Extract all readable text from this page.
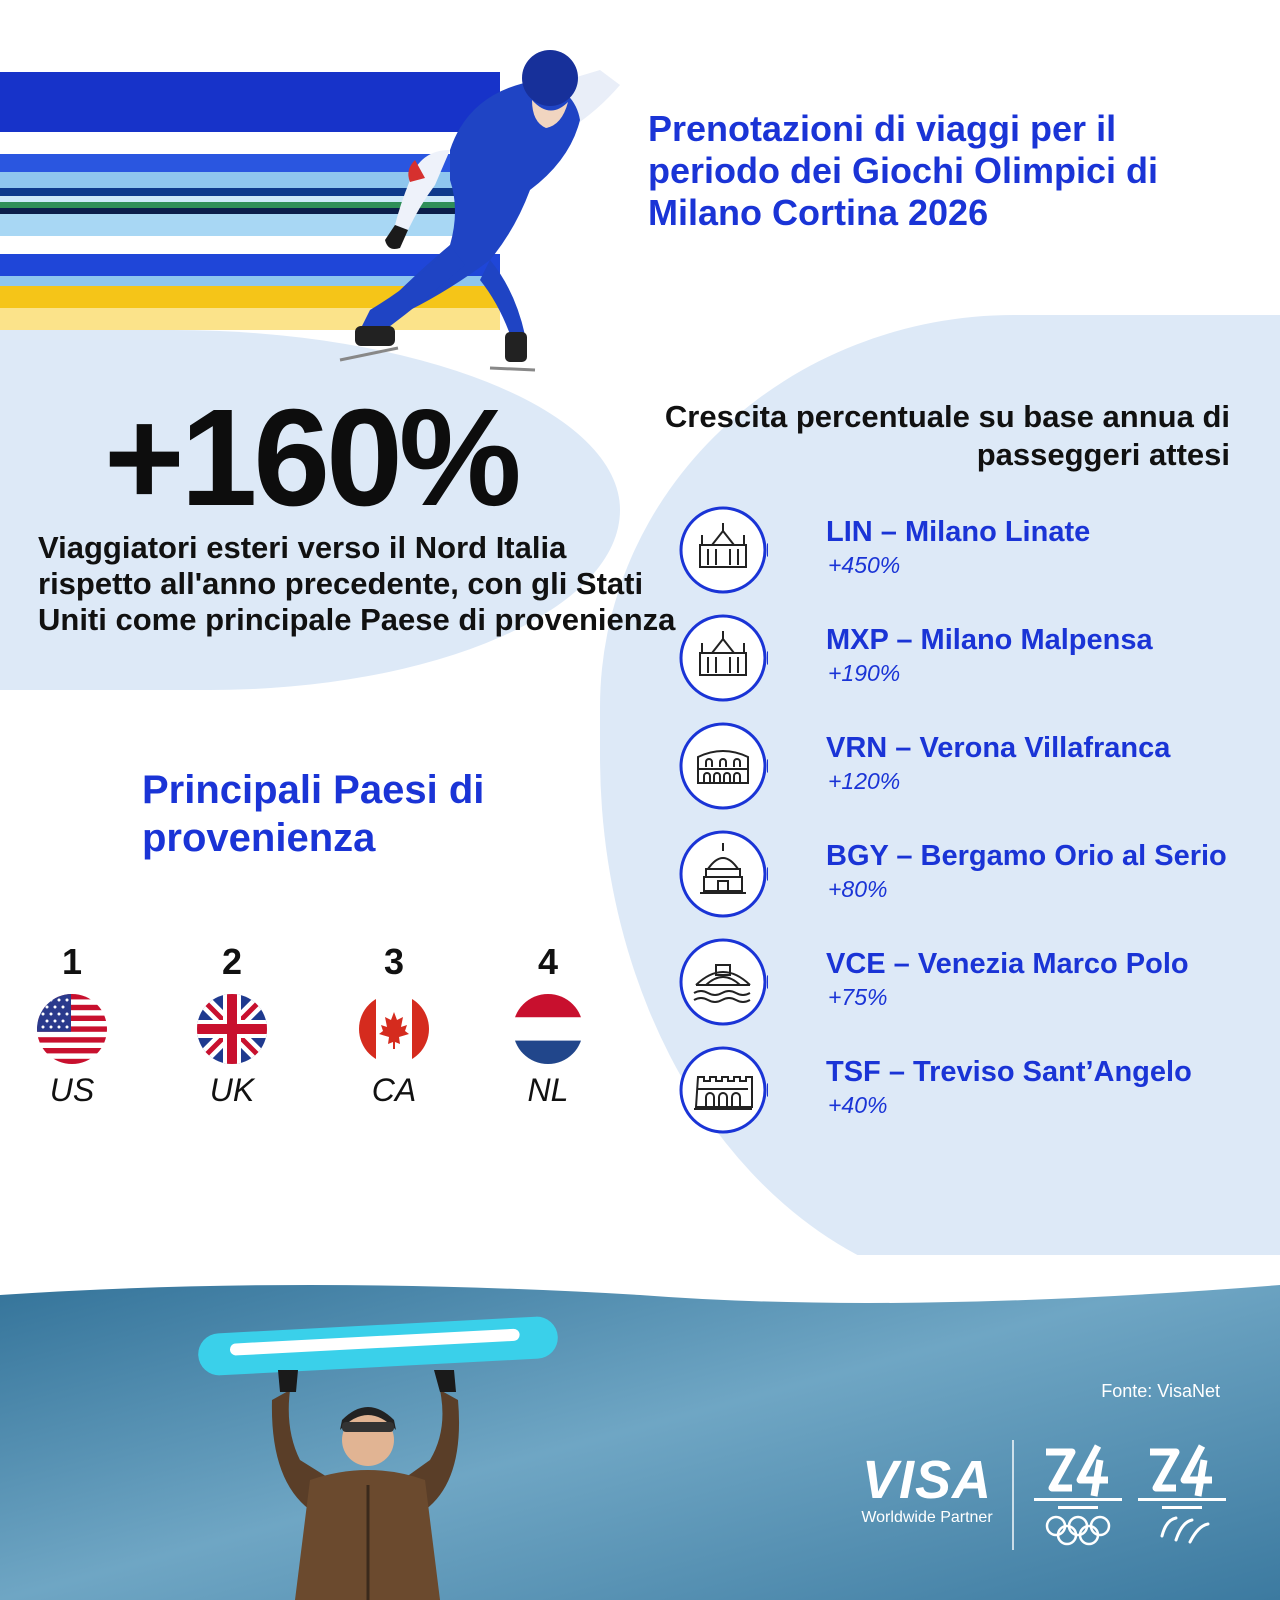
Prenotazioni di viaggi per il periodo dei Giochi Olimpici di Milano Cortina 2026
+160%

Viaggiatori esteri verso il Nord Italia rispetto all'anno precedente, con gli Stati Uniti come principale Paese di provenienza

Principali Paesi di provenienza
1
US
2
UK
3
CA
4
NL
Crescita percentuale su base annua di passeggeri attesi

LIN – Milano Linate

+450%

MXP – Milano Malpensa

+190%

VRN – Verona Villafranca

+120%

BGY – Bergamo Orio al Serio

+80%

VCE – Venezia Marco Polo

+75%

TSF – Treviso Sant’Angelo

+40%
Fonte: VisaNet
VISA
Worldwide Partner
